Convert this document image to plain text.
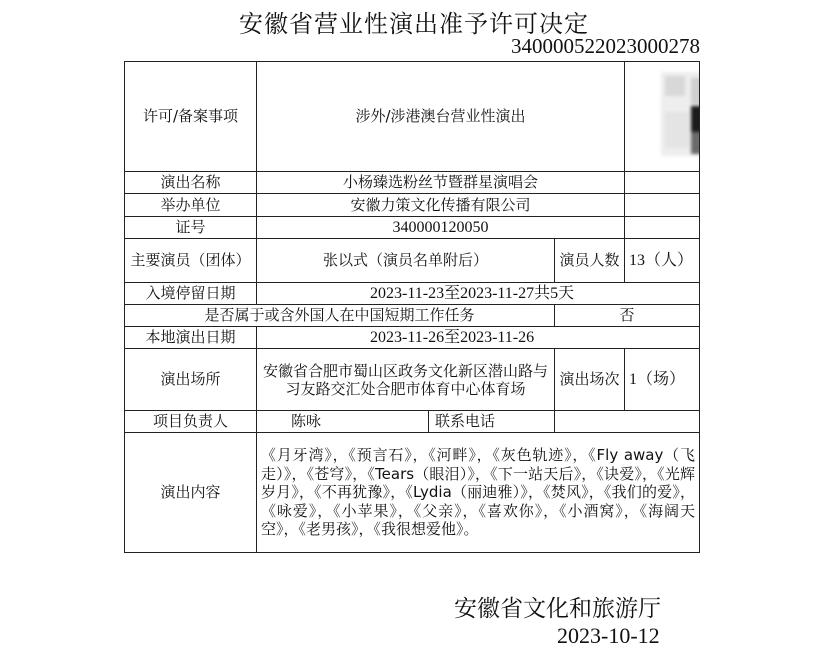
安徽省营业性演出准予许可决定
340000522023000278
许可/备案事项	涉外/涉港澳台营业性演出			

演出名称	小杨臻选粉丝节暨群星演唱会			
举办单位	安徽力策文化传播有限公司			
证号	340000120050			
主要演员（团体）	张以式（演员名单附后）		演员人数	13（人）
入境停留日期	2023-11-23至2023-11-27共5天			
是否属于或含外国人在中国短期工作任务			否	
本地演出日期	2023-11-26至2023-11-26			
演出场所	安徽省合肥市蜀山区政务文化新区潜山路与习友路交汇处合肥市体育中心体育场		演出场次	1（场）
项目负责人	陈咏	联系电话		
演出内容	《月牙湾》，《预言石》，《河畔》，《灰色轨迹》，《Fly away（飞走）》，《苍穹》，《Tears（眼泪）》，《下一站天后》，《诀爱》，《光辉岁月》，《不再犹豫》，《Lydia（丽迪雅）》，《焚风》，《我们的爱》，《咏爱》，《小苹果》，《父亲》，《喜欢你》，《小酒窝》，《海阔天空》，《老男孩》，《我很想爱他》。			
安徽省文化和旅游厅
2023-10-12
